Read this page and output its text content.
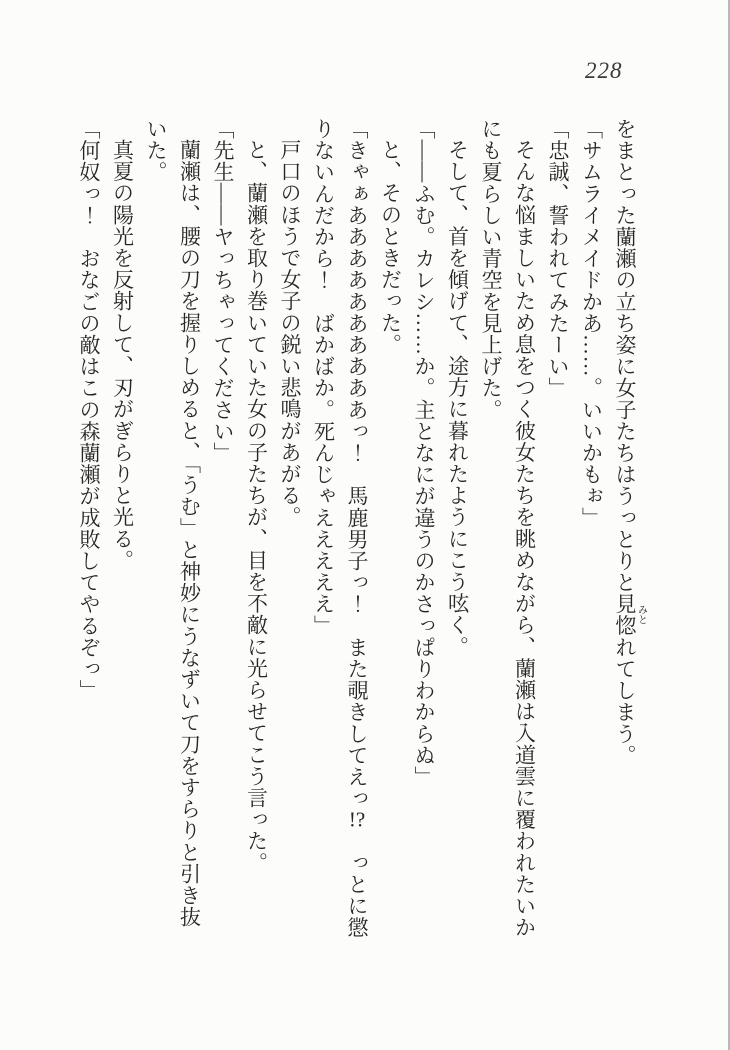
228

をまとった蘭瀬の立ち姿に女子たちはうっとりと見惚みとれてしまう。

「サムライメイドかあ……。いいかもぉ」

「忠誠、誓われてみたーい」

そんな悩ましいため息をつく彼女たちを眺めながら、蘭瀬は入道雲に覆われたいかにも夏らしい青空を見上げた。

そして、首を傾げて、途方に暮れたようにこう呟く。

「――ふむ。カレシ……か。主となにが違うのかさっぱりわからぬ」

と、そのときだった。

「きゃぁああああああああああっ！　馬鹿男子っ！　また覗きしてえっ!?　っとに懲りないんだから！　ばかばか。死んじゃえええええ」

戸口のほうで女子の鋭い悲鳴があがる。

と、蘭瀬を取り巻いていた女の子たちが、目を不敵に光らせてこう言った。

「先生――ヤっちゃってください」

蘭瀬は、腰の刀を握りしめると、「うむ」と神妙にうなずいて刀をすらりと引き抜いた。

真夏の陽光を反射して、刃がぎらりと光る。

「何奴っ！　おなごの敵はこの森蘭瀬が成敗してやるぞっ」
